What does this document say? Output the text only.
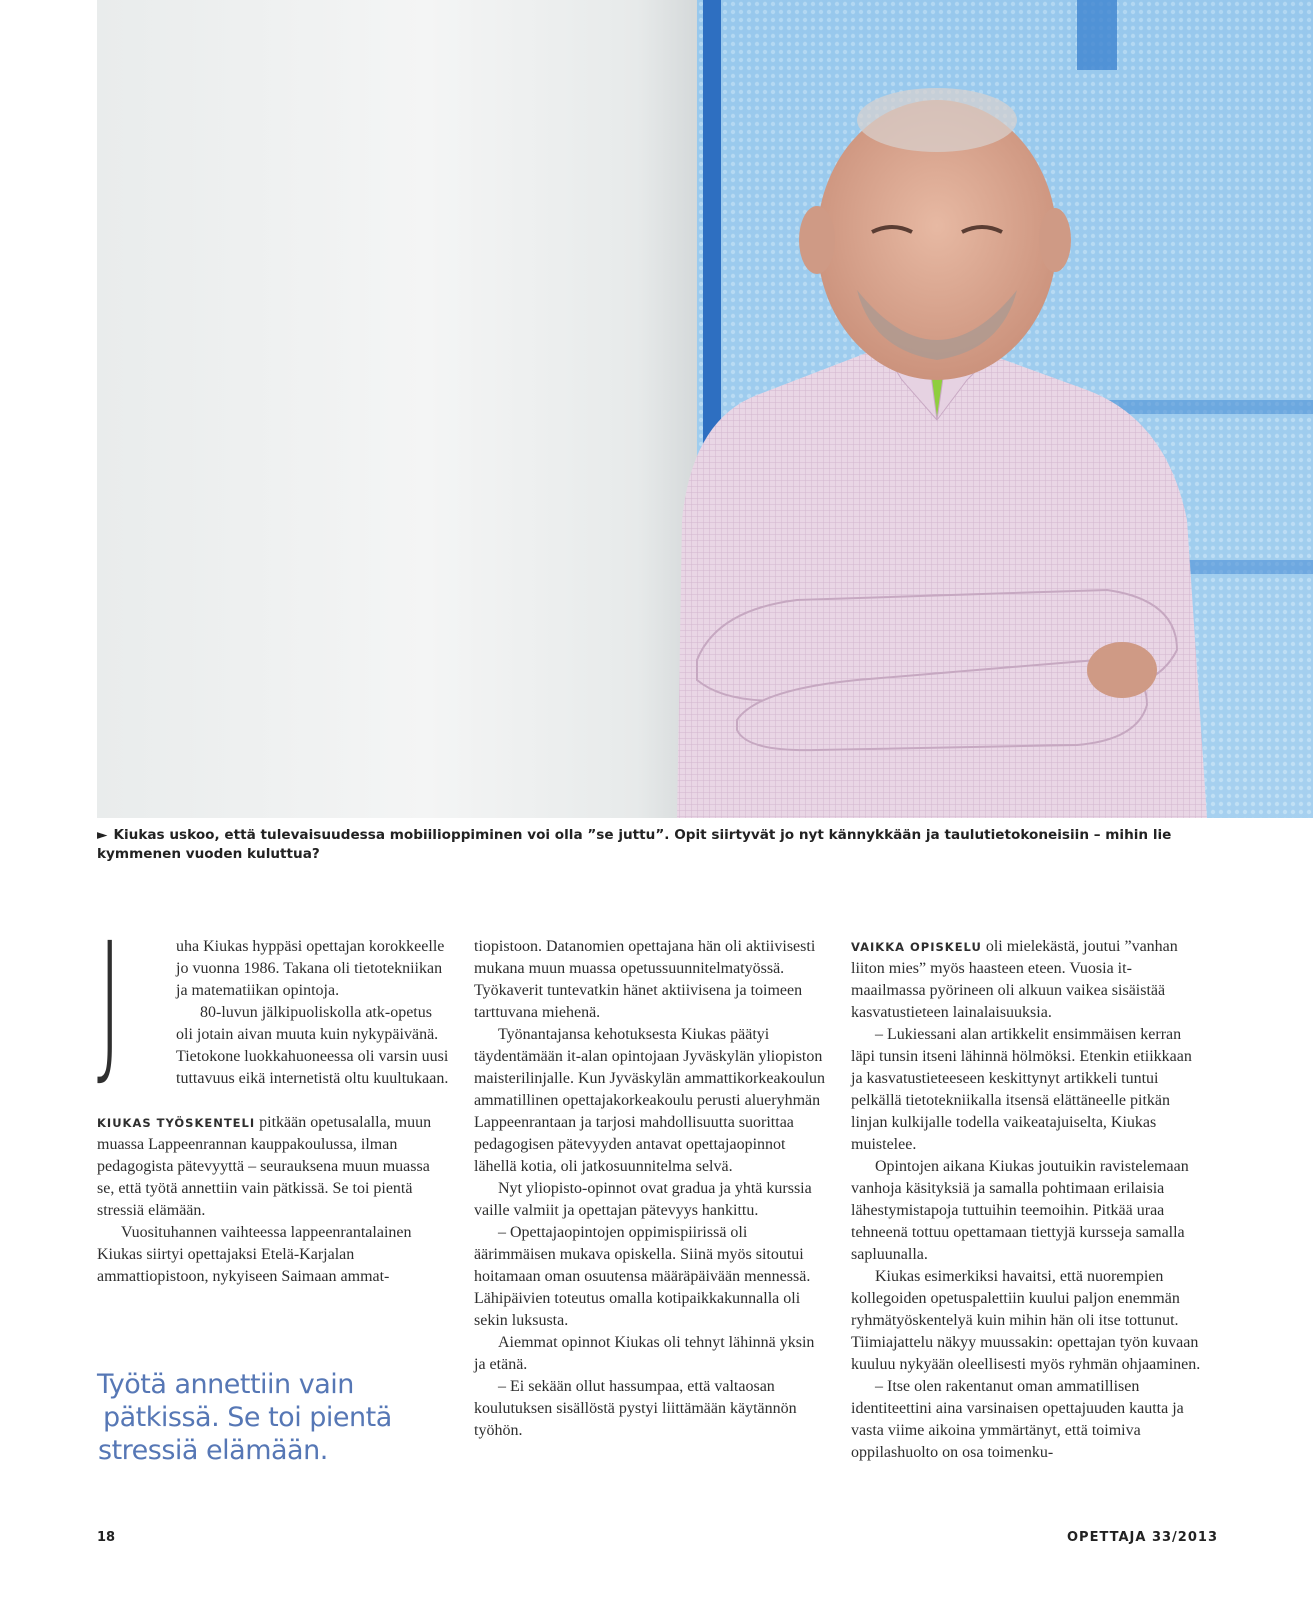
► Kiukas uskoo, että tulevaisuudessa mobiilioppiminen voi olla ”se juttu”. Opit siirtyvät jo nyt kännykkään ja taulutietokoneisiin – mihin lie kymmenen vuoden kuluttua?
J	uha Kiukas hyppäsi opettajan korokkeelle jo vuonna 1986. Takana oli tietotekniikan ja matematiikan opintoja.

80-luvun jälkipuoliskolla atk-opetus oli jotain aivan muuta kuin nykypäivänä. Tietokone luokkahuoneessa oli varsin uusi tuttavuus eikä internetistä oltu kuultukaan.

KIUKAS TYÖSKENTELI pitkään opetusalalla, muun muassa Lappeenrannan kauppakoulussa, ilman pedagogista pätevyyttä – seurauksena muun muassa se, että työtä annettiin vain pätkissä. Se toi pientä stressiä elämään.

Vuosituhannen vaihteessa lappeenrantalainen Kiukas siirtyi opettajaksi Etelä-Karjalan ammattiopistoon, nykyiseen Saimaan ammat-

Työtä annettiin vain
pätkissä. Se toi pientä
stressiä elämään.

tiopistoon. Datanomien opettajana hän oli aktiivisesti mukana muun muassa opetussuunnitelmatyössä. Työkaverit tuntevatkin hänet aktiivisena ja toimeen tarttuvana miehenä.

Työnantajansa kehotuksesta Kiukas päätyi täydentämään it-alan opintojaan Jyväskylän yliopiston maisterilinjalle. Kun Jyväskylän ammattikorkeakoulun ammatillinen opettajakorkeakoulu perusti alueryhmän Lappeenrantaan ja tarjosi mahdollisuutta suorittaa pedagogisen pätevyyden antavat opettajaopinnot lähellä kotia, oli jatkosuunnitelma selvä.

Nyt yliopisto-opinnot ovat gradua ja yhtä kurssia vaille valmiit ja opettajan pätevyys hankittu.

– Opettajaopintojen oppimispiirissä oli äärimmäisen mukava opiskella. Siinä myös sitoutui hoitamaan oman osuutensa määräpäivään mennessä. Lähipäivien toteutus omalla kotipaikkakunnalla oli sekin luksusta.

Aiemmat opinnot Kiukas oli tehnyt lähinnä yksin ja etänä.

– Ei sekään ollut hassumpaa, että valtaosan koulutuksen sisällöstä pystyi liittämään käytännön työhön.

VAIKKA OPISKELU oli mielekästä, joutui ”vanhan liiton mies” myös haasteen eteen. Vuosia it-maailmassa pyörineen oli alkuun vaikea sisäistää kasvatustieteen lainalaisuuksia.

– Lukiessani alan artikkelit ensimmäisen kerran läpi tunsin itseni lähinnä hölmöksi. Etenkin etiikkaan ja kasvatustieteeseen keskittynyt artikkeli tuntui pelkällä tietotekniikalla itsensä elättäneelle pitkän linjan kulkijalle todella vaikeatajuiselta, Kiukas muistelee.

Opintojen aikana Kiukas joutuikin ravistelemaan vanhoja käsityksiä ja samalla pohtimaan erilaisia lähestymistapoja tuttuihin teemoihin. Pitkää uraa tehneenä tottuu opettamaan tiettyjä kursseja samalla sapluunalla.

Kiukas esimerkiksi havaitsi, että nuorempien kollegoiden opetuspalettiin kuului paljon enemmän ryhmätyöskentelyä kuin mihin hän oli itse tottunut. Tiimiajattelu näkyy muussakin: opettajan työn kuvaan kuuluu nykyään oleellisesti myös ryhmän ohjaaminen.

– Itse olen rakentanut oman ammatillisen identiteettini aina varsinaisen opettajuuden kautta ja vasta viime aikoina ymmärtänyt, että toimiva oppilashuolto on osa toimenku-

18	OPETTAJA 33/2013
